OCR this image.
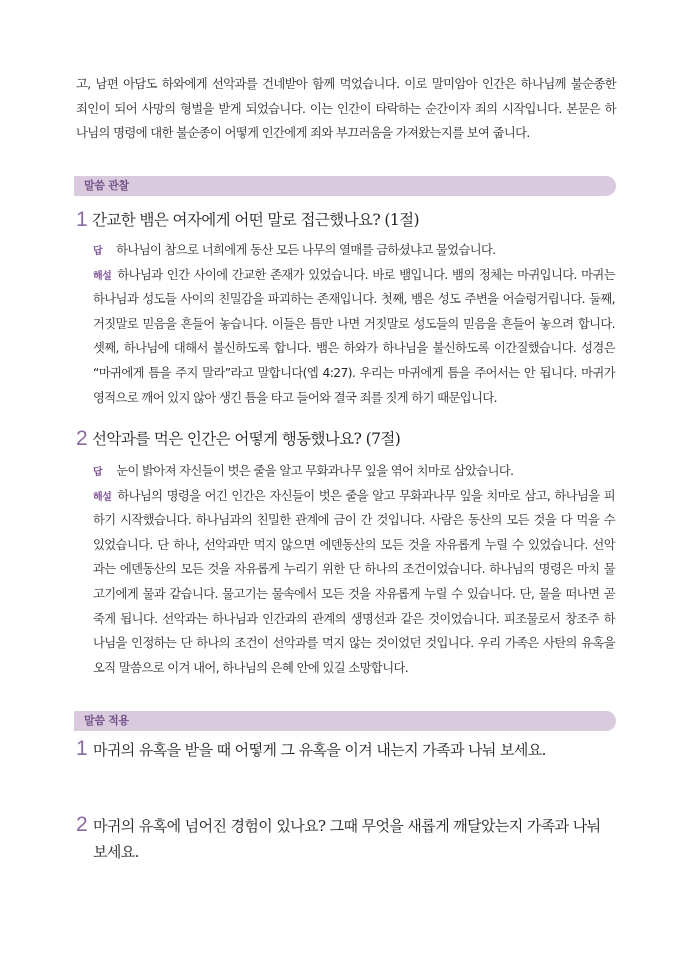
고, 남편 아담도 하와에게 선악과를 건네받아 함께 먹었습니다. 이로 말미암아 인간은 하나님께 불순종한
죄인이 되어 사망의 형벌을 받게 되었습니다. 이는 인간이 타락하는 순간이자 죄의 시작입니다. 본문은 하
나님의 명령에 대한 불순종이 어떻게 인간에게 죄와 부끄러움을 가져왔는지를 보여 줍니다.
말씀 관찰
1 간교한 뱀은 여자에게 어떤 말로 접근했나요? (1절)
답 하나님이 참으로 너희에게 동산 모든 나무의 열매를 금하셨냐고 물었습니다.
해설 하나님과 인간 사이에 간교한 존재가 있었습니다. 바로 뱀입니다. 뱀의 정체는 마귀입니다. 마귀는
하나님과 성도들 사이의 친밀감을 파괴하는 존재입니다. 첫째, 뱀은 성도 주변을 어슬렁거립니다. 둘째,
거짓말로 믿음을 흔들어 놓습니다. 이들은 틈만 나면 거짓말로 성도들의 믿음을 흔들어 놓으려 합니다.
셋째, 하나님에 대해서 불신하도록 합니다. 뱀은 하와가 하나님을 불신하도록 이간질했습니다. 성경은
“마귀에게 틈을 주지 말라”라고 말합니다(엡 4:27). 우리는 마귀에게 틈을 주어서는 안 됩니다. 마귀가
영적으로 깨어 있지 않아 생긴 틈을 타고 들어와 결국 죄를 짓게 하기 때문입니다.
2 선악과를 먹은 인간은 어떻게 행동했나요? (7절)
답 눈이 밝아져 자신들이 벗은 줄을 알고 무화과나무 잎을 엮어 치마로 삼았습니다.
해설 하나님의 명령을 어긴 인간은 자신들이 벗은 줄을 알고 무화과나무 잎을 치마로 삼고, 하나님을 피
하기 시작했습니다. 하나님과의 친밀한 관계에 금이 간 것입니다. 사람은 동산의 모든 것을 다 먹을 수
있었습니다. 단 하나, 선악과만 먹지 않으면 에덴동산의 모든 것을 자유롭게 누릴 수 있었습니다. 선악
과는 에덴동산의 모든 것을 자유롭게 누리기 위한 단 하나의 조건이었습니다. 하나님의 명령은 마치 물
고기에게 물과 같습니다. 물고기는 물속에서 모든 것을 자유롭게 누릴 수 있습니다. 단, 물을 떠나면 곧
죽게 됩니다. 선악과는 하나님과 인간과의 관계의 생명선과 같은 것이었습니다. 피조물로서 창조주 하
나님을 인정하는 단 하나의 조건이 선악과를 먹지 않는 것이었던 것입니다. 우리 가족은 사탄의 유혹을
오직 말씀으로 이겨 내어, 하나님의 은혜 안에 있길 소망합니다.
말씀 적용
1 마귀의 유혹을 받을 때 어떻게 그 유혹을 이겨 내는지 가족과 나눠 보세요.
2 마귀의 유혹에 넘어진 경험이 있나요? 그때 무엇을 새롭게 깨달았는지 가족과 나눠
보세요.
